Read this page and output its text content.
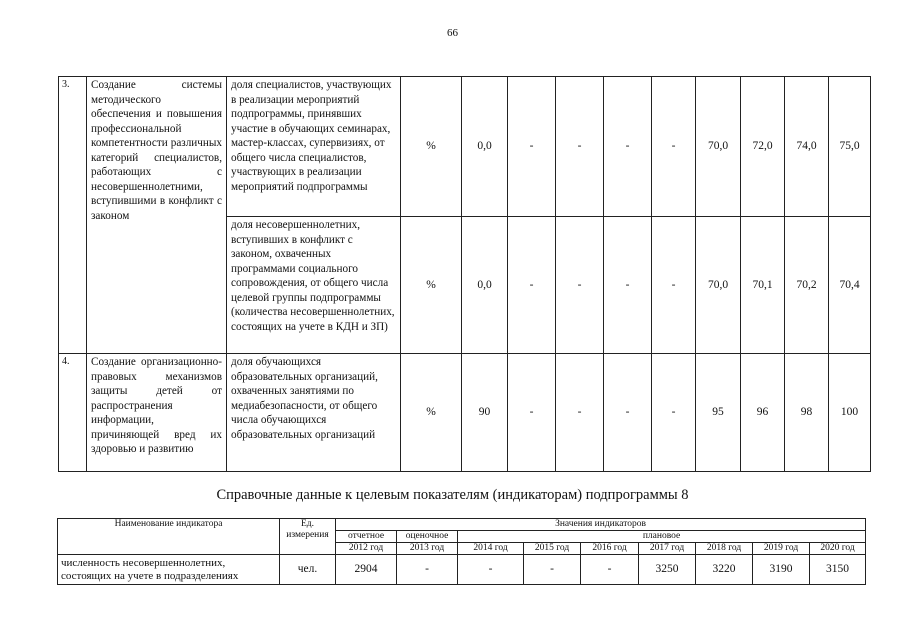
66
3.	Создание системы методического обеспечения и повышения профессиональной компетентности различных категорий специалистов, работающих с несовершеннолетними, вступившими в конфликт с законом	доля специалистов, участвующих в реализации мероприятий подпрограммы, принявших участие в обучающих семинарах, мастер-классах, супервизиях, от общего числа специалистов, участвующих в реализации мероприятий подпрограммы	%	0,0	-	-	-	-	70,0	72,0	74,0	75,0
		доля несовершеннолетних, вступивших в конфликт с законом, охваченных программами социального сопровождения, от общего числа целевой группы подпрограммы (количества несовершеннолетних, состоящих на учете в КДН и ЗП)	%	0,0	-	-	-	-	70,0	70,1	70,2	70,4
4.	Создание организационно-правовых механизмов защиты детей от распространения информации, причиняющей вред их здоровью и развитию	доля обучающихся образовательных организаций, охваченных занятиями по медиабезопасности, от общего числа обучающихся образовательных организаций	%	90	-	-	-	-	95	96	98	100
Справочные данные к целевым показателям (индикаторам) подпрограммы 8
Наименование индикатора	Ед. измерения	Значения индикаторов								
		отчетное	оценочное	плановое						
		2012 год	2013 год	2014 год	2015 год	2016 год	2017 год	2018 год	2019 год	2020 год
численность несовершеннолетних, состоящих на учете в подразделениях	чел.	2904	-	-	-	-	3250	3220	3190	3150
